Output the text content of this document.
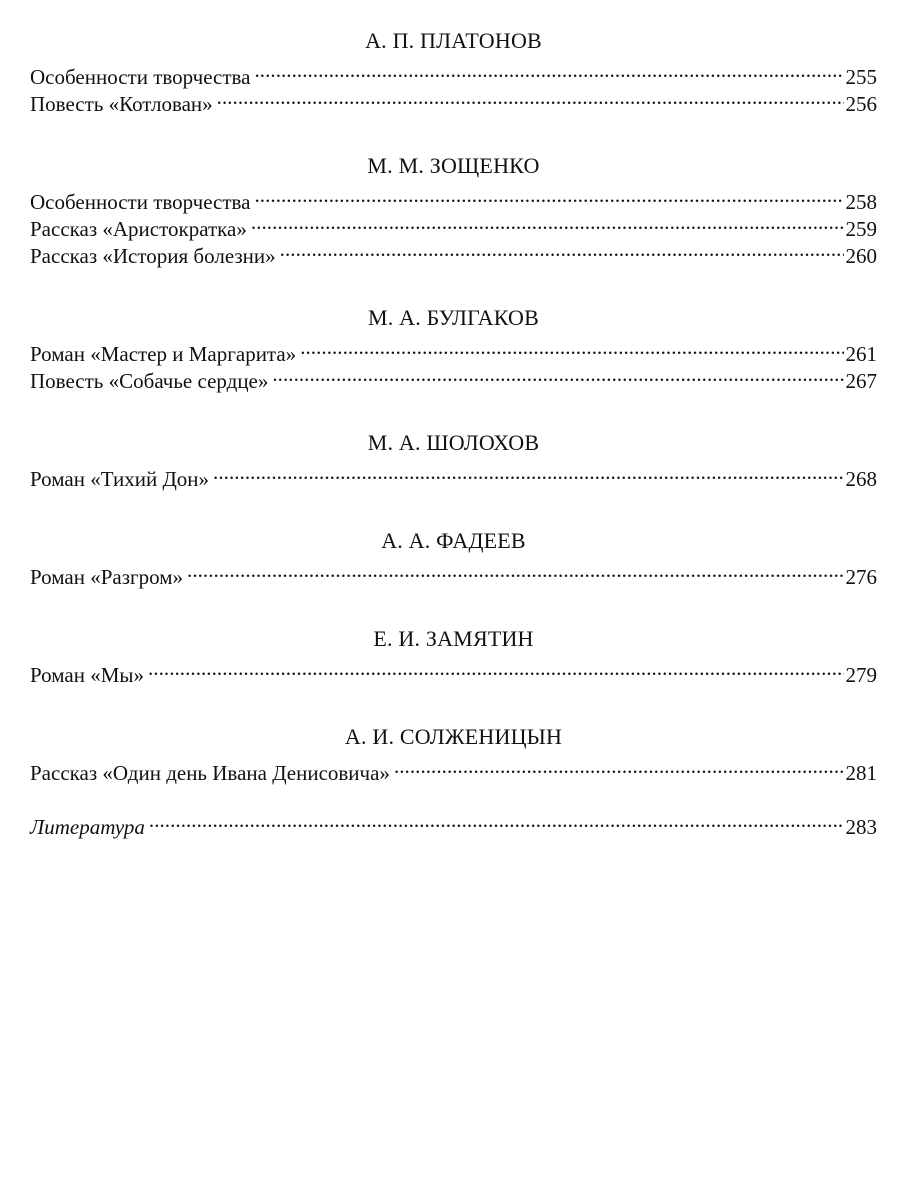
А. П. ПЛАТОНОВ
Особенности творчества . . .	255
Повесть «Котлован» . . .	256
М. М. ЗОЩЕНКО
Особенности творчества . . .	258
Рассказ «Аристократка» . . .	259
Рассказ «История болезни» . . .	260
М. А. БУЛГАКОВ
Роман «Мастер и Маргарита» . . .	261
Повесть «Собачье сердце» . . .	267
М. А. ШОЛОХОВ
Роман «Тихий Дон» . . .	268
А. А. ФАДЕЕВ
Роман «Разгром» . . .	276
Е. И. ЗАМЯТИН
Роман «Мы» . . .	279
А. И. СОЛЖЕНИЦЫН
Рассказ «Один день Ивана Денисовича» . . .	281
Литература . . .	283
